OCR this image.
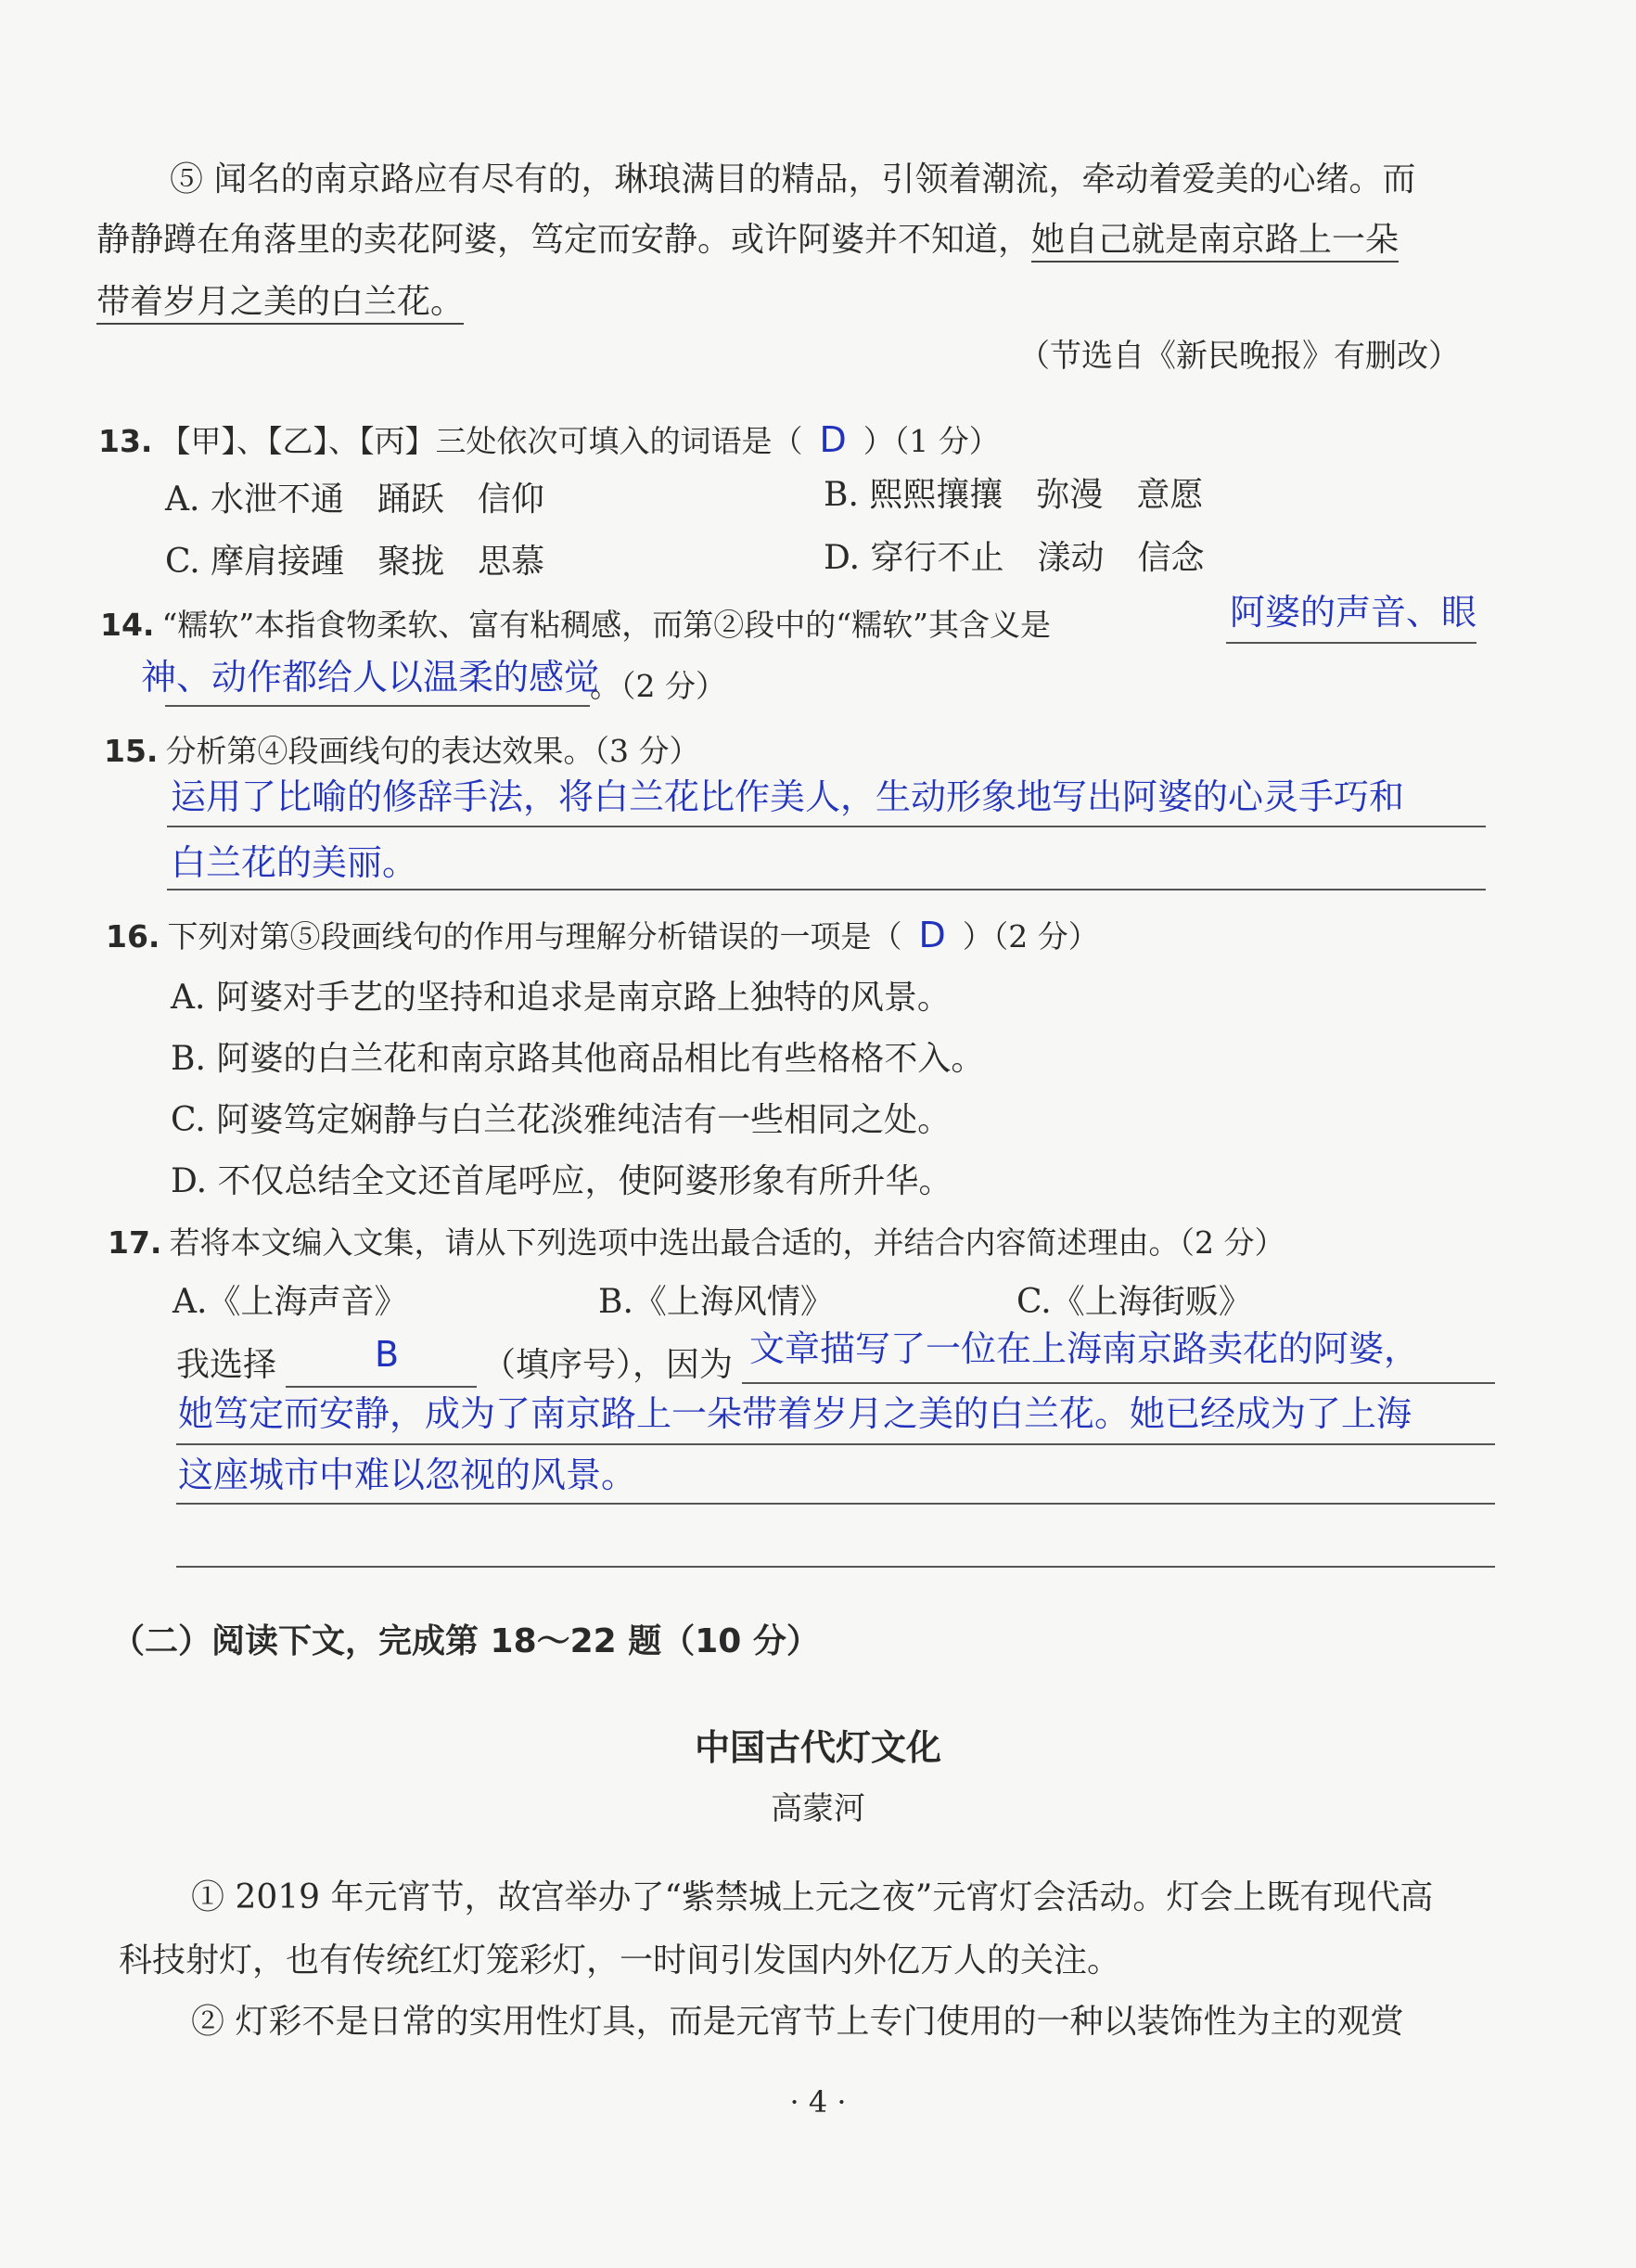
⑤ 闻名的南京路应有尽有的，琳琅满目的精品，引领着潮流，牵动着爱美的心绪。而
静静蹲在角落里的卖花阿婆，笃定而安静。或许阿婆并不知道，她自己就是南京路上一朵
带着岁月之美的白兰花。
（节选自《新民晚报》有删改）
13. 【甲】、【乙】、【丙】三处依次可填入的词语是（ D ）（1 分）
A. 水泄不通　踊跃　信仰	B. 熙熙攘攘　弥漫　意愿
C. 摩肩接踵　聚拢　思慕	D. 穿行不止　漾动　信念
14. “糯软”本指食物柔软、富有粘稠感，而第②段中的“糯软”其含义是	阿婆的声音、眼
神、动作都给人以温柔的感觉
。（2 分）
15. 分析第④段画线句的表达效果。（3 分）
运用了比喻的修辞手法，将白兰花比作美人，生动形象地写出阿婆的心灵手巧和
白兰花的美丽。
16. 下列对第⑤段画线句的作用与理解分析错误的一项是（ D ）（2 分）
A. 阿婆对手艺的坚持和追求是南京路上独特的风景。
B. 阿婆的白兰花和南京路其他商品相比有些格格不入。
C. 阿婆笃定娴静与白兰花淡雅纯洁有一些相同之处。
D. 不仅总结全文还首尾呼应，使阿婆形象有所升华。
17. 若将本文编入文集，请从下列选项中选出最合适的，并结合内容简述理由。（2 分）
A.《上海声音》	B.《上海风情》	C.《上海街贩》
我选择	B （填序号），因为 文章描写了一位在上海南京路卖花的阿婆，
她笃定而安静，成为了南京路上一朵带着岁月之美的白兰花。她已经成为了上海
这座城市中难以忽视的风景。
（二）阅读下文，完成第 18～22 题（10 分）
中国古代灯文化
高蒙河
① 2019 年元宵节，故宫举办了“紫禁城上元之夜”元宵灯会活动。灯会上既有现代高
科技射灯，也有传统红灯笼彩灯，一时间引发国内外亿万人的关注。
② 灯彩不是日常的实用性灯具，而是元宵节上专门使用的一种以装饰性为主的观赏
· 4 ·
